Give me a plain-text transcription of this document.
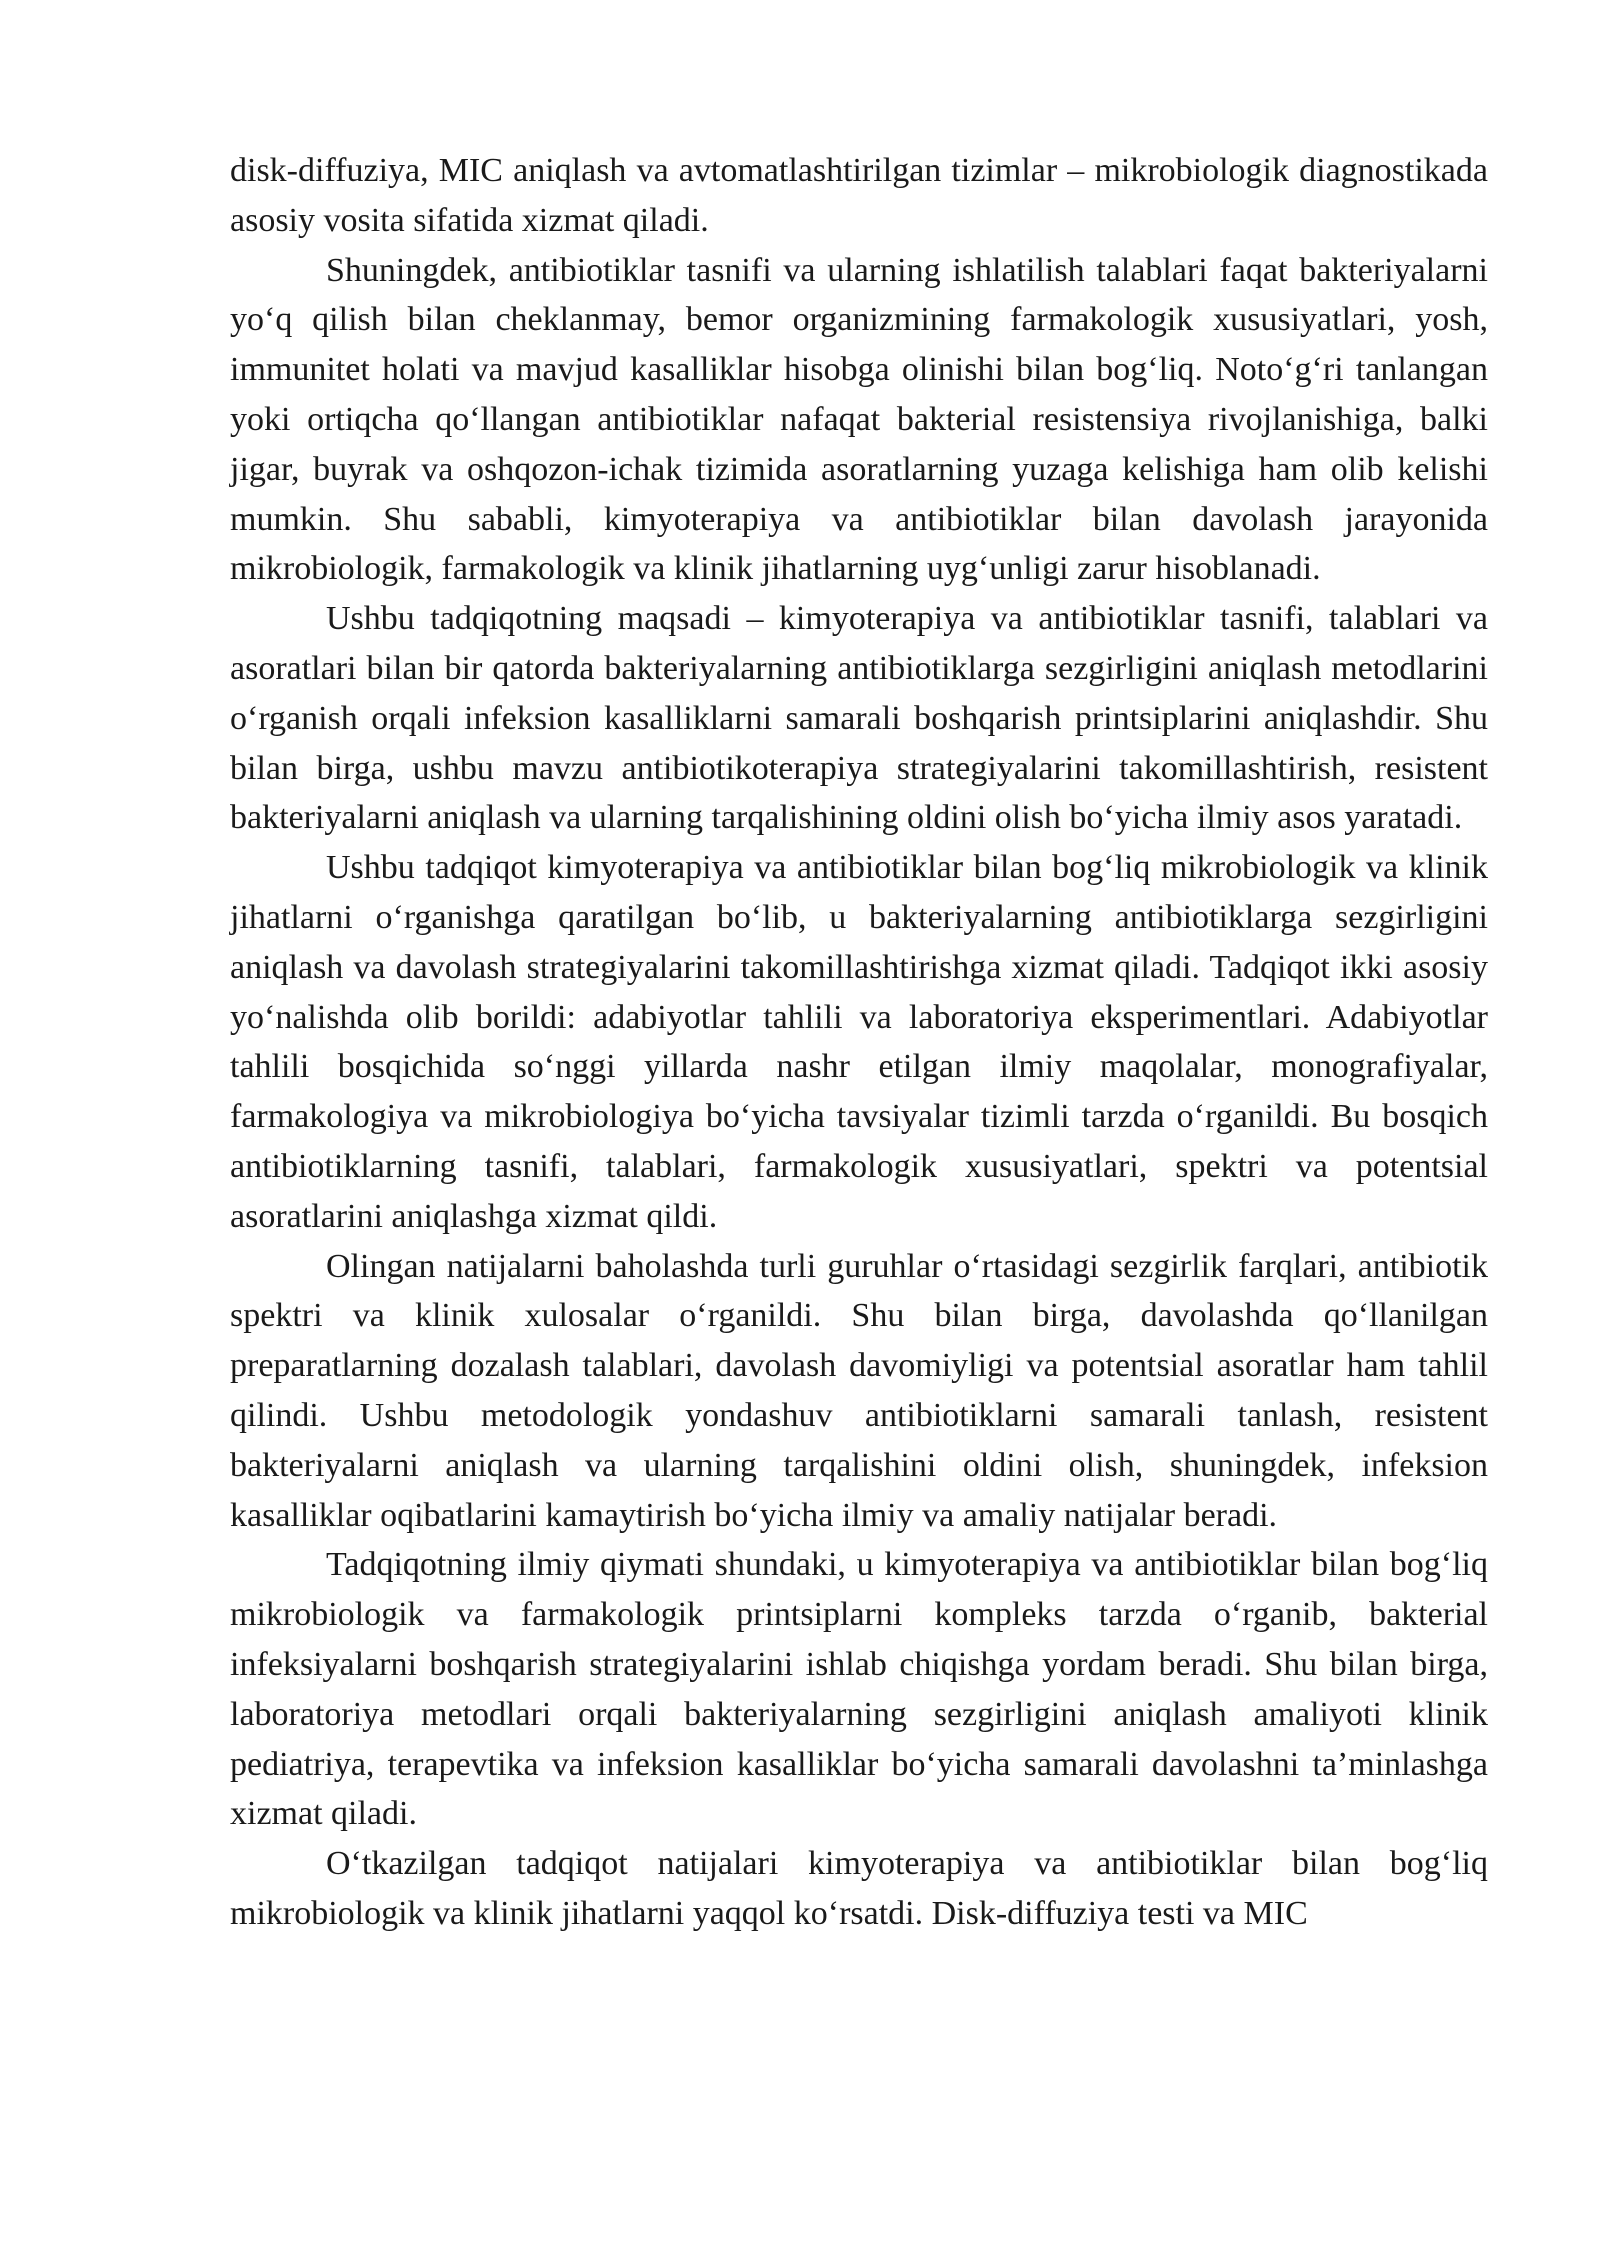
disk-diffuziya, MIC aniqlash va avtomatlashtirilgan tizimlar – mikrobiologik diagnostikada asosiy vosita sifatida xizmat qiladi.

Shuningdek, antibiotiklar tasnifi va ularning ishlatilish talablari faqat bakteriyalarni yo‘q qilish bilan cheklanmay, bemor organizmining farmakologik xususiyatlari, yosh, immunitet holati va mavjud kasalliklar hisobga olinishi bilan bog‘liq. Noto‘g‘ri tanlangan yoki ortiqcha qo‘llangan antibiotiklar nafaqat bakterial resistensiya rivojlanishiga, balki jigar, buyrak va oshqozon-ichak tizimida asoratlarning yuzaga kelishiga ham olib kelishi mumkin. Shu sababli, kimyoterapiya va antibiotiklar bilan davolash jarayonida mikrobiologik, farmakologik va klinik jihatlarning uyg‘unligi zarur hisoblanadi.

Ushbu tadqiqotning maqsadi – kimyoterapiya va antibiotiklar tasnifi, talablari va asoratlari bilan bir qatorda bakteriyalarning antibiotiklarga sezgirligini aniqlash metodlarini o‘rganish orqali infeksion kasalliklarni samarali boshqarish printsiplarini aniqlashdir. Shu bilan birga, ushbu mavzu antibiotikoterapiya strategiyalarini takomillashtirish, resistent bakteriyalarni aniqlash va ularning tarqalishining oldini olish bo‘yicha ilmiy asos yaratadi.

Ushbu tadqiqot kimyoterapiya va antibiotiklar bilan bog‘liq mikrobiologik va klinik jihatlarni o‘rganishga qaratilgan bo‘lib, u bakteriyalarning antibiotiklarga sezgirligini aniqlash va davolash strategiyalarini takomillashtirishga xizmat qiladi. Tadqiqot ikki asosiy yo‘nalishda olib borildi: adabiyotlar tahlili va laboratoriya eksperimentlari. Adabiyotlar tahlili bosqichida so‘nggi yillarda nashr etilgan ilmiy maqolalar, monografiyalar, farmakologiya va mikrobiologiya bo‘yicha tavsiyalar tizimli tarzda o‘rganildi. Bu bosqich antibiotiklarning tasnifi, talablari, farmakologik xususiyatlari, spektri va potentsial asoratlarini aniqlashga xizmat qildi.

Olingan natijalarni baholashda turli guruhlar o‘rtasidagi sezgirlik farqlari, antibiotik spektri va klinik xulosalar o‘rganildi. Shu bilan birga, davolashda qo‘llanilgan preparatlarning dozalash talablari, davolash davomiyligi va potentsial asoratlar ham tahlil qilindi. Ushbu metodologik yondashuv antibiotiklarni samarali tanlash, resistent bakteriyalarni aniqlash va ularning tarqalishini oldini olish, shuningdek, infeksion kasalliklar oqibatlarini kamaytirish bo‘yicha ilmiy va amaliy natijalar beradi.

Tadqiqotning ilmiy qiymati shundaki, u kimyoterapiya va antibiotiklar bilan bog‘liq mikrobiologik va farmakologik printsiplarni kompleks tarzda o‘rganib, bakterial infeksiyalarni boshqarish strategiyalarini ishlab chiqishga yordam beradi. Shu bilan birga, laboratoriya metodlari orqali bakteriyalarning sezgirligini aniqlash amaliyoti klinik pediatriya, terapevtika va infeksion kasalliklar bo‘yicha samarali davolashni ta’minlashga xizmat qiladi.

O‘tkazilgan tadqiqot natijalari kimyoterapiya va antibiotiklar bilan bog‘liq mikrobiologik va klinik jihatlarni yaqqol ko‘rsatdi. Disk-diffuziya testi va MIC
